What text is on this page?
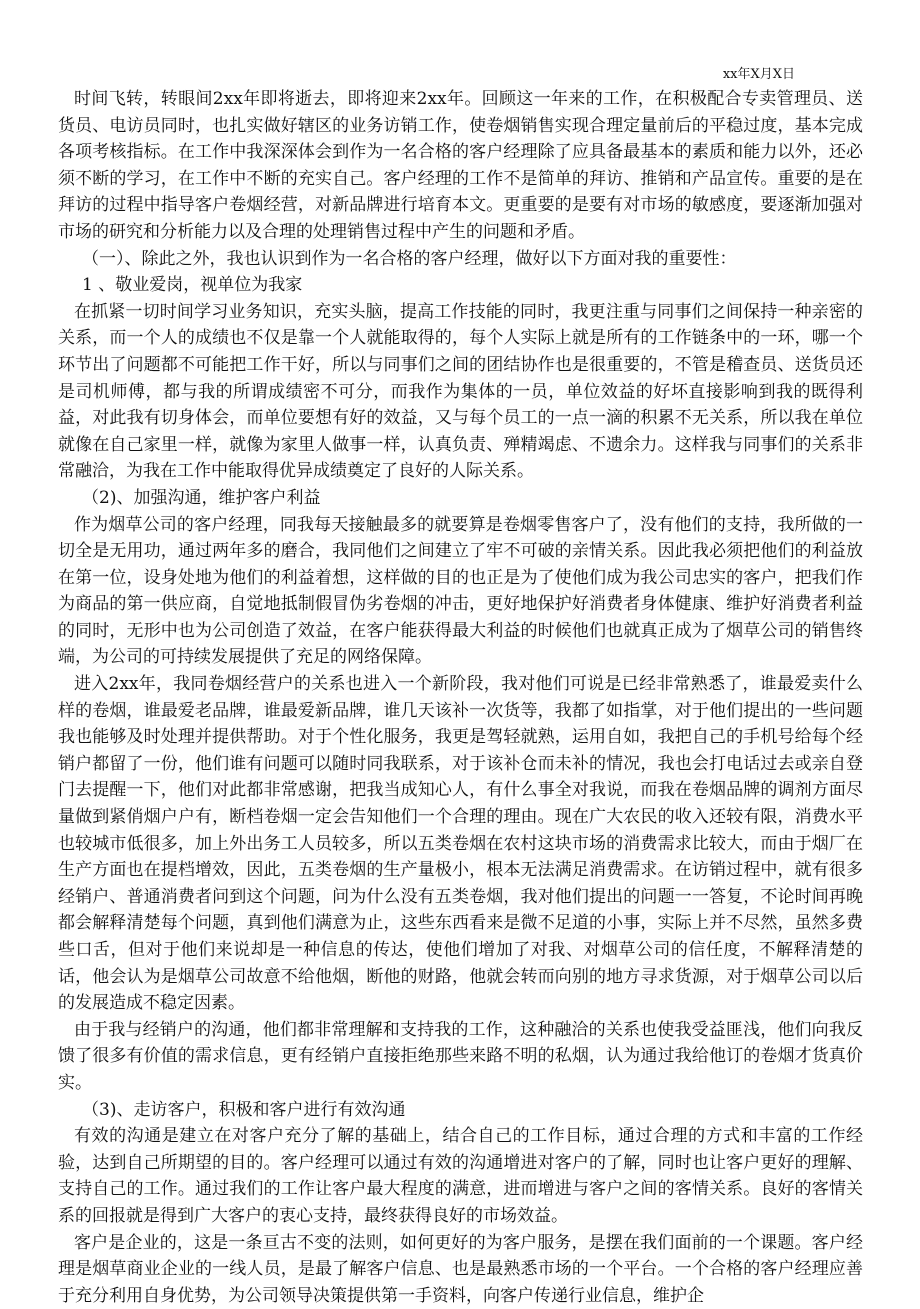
xx年X月X日

时间飞转，转眼间2xx年即将逝去，即将迎来2xx年。回顾这一年来的工作，在积极配合专卖管理员、送货员、电访员同时，也扎实做好辖区的业务访销工作，使卷烟销售实现合理定量前后的平稳过度，基本完成各项考核指标。在工作中我深深体会到作为一名合格的客户经理除了应具备最基本的素质和能力以外，还必须不断的学习，在工作中不断的充实自己。客户经理的工作不是简单的拜访、推销和产品宣传。重要的是在拜访的过程中指导客户卷烟经营，对新品牌进行培育本文。更重要的是要有对市场的敏感度，要逐渐加强对市场的研究和分析能力以及合理的处理销售过程中产生的问题和矛盾。

（一）、除此之外，我也认识到作为一名合格的客户经理，做好以下方面对我的重要性：

1 、敬业爱岗，视单位为我家

在抓紧一切时间学习业务知识，充实头脑，提高工作技能的同时，我更注重与同事们之间保持一种亲密的关系，而一个人的成绩也不仅是靠一个人就能取得的，每个人实际上就是所有的工作链条中的一环，哪一个环节出了问题都不可能把工作干好，所以与同事们之间的团结协作也是很重要的，不管是稽查员、送货员还是司机师傅，都与我的所谓成绩密不可分，而我作为集体的一员，单位效益的好坏直接影响到我的既得利益，对此我有切身体会，而单位要想有好的效益，又与每个员工的一点一滴的积累不无关系，所以我在单位就像在自己家里一样，就像为家里人做事一样，认真负责、殚精竭虑、不遗余力。这样我与同事们的关系非常融洽，为我在工作中能取得优异成绩奠定了良好的人际关系。

（2)、加强沟通，维护客户利益

作为烟草公司的客户经理，同我每天接触最多的就要算是卷烟零售客户了，没有他们的支持，我所做的一切全是无用功，通过两年多的磨合，我同他们之间建立了牢不可破的亲情关系。因此我必须把他们的利益放在第一位，设身处地为他们的利益着想，这样做的目的也正是为了使他们成为我公司忠实的客户，把我们作为商品的第一供应商，自觉地抵制假冒伪劣卷烟的冲击，更好地保护好消费者身体健康、维护好消费者利益的同时，无形中也为公司创造了效益，在客户能获得最大利益的时候他们也就真正成为了烟草公司的销售终端，为公司的可持续发展提供了充足的网络保障。

进入2xx年，我同卷烟经营户的关系也进入一个新阶段，我对他们可说是已经非常熟悉了，谁最爱卖什么样的卷烟，谁最爱老品牌，谁最爱新品牌，谁几天该补一次货等，我都了如指掌，对于他们提出的一些问题我也能够及时处理并提供帮助。对于个性化服务，我更是驾轻就熟，运用自如，我把自己的手机号给每个经销户都留了一份，他们谁有问题可以随时同我联系，对于该补仓而未补的情况，我也会打电话过去或亲自登门去提醒一下，他们对此都非常感谢，把我当成知心人，有什么事全对我说，而我在卷烟品牌的调剂方面尽量做到紧俏烟户户有，断档卷烟一定会告知他们一个合理的理由。现在广大农民的收入还较有限，消费水平也较城市低很多，加上外出务工人员较多，所以五类卷烟在农村这块市场的消费需求比较大，而由于烟厂在生产方面也在提档增效，因此，五类卷烟的生产量极小，根本无法满足消费需求。在访销过程中，就有很多经销户、普通消费者问到这个问题，问为什么没有五类卷烟，我对他们提出的问题一一答复，不论时间再晚都会解释清楚每个问题，真到他们满意为止，这些东西看来是微不足道的小事，实际上并不尽然，虽然多费些口舌，但对于他们来说却是一种信息的传达，使他们增加了对我、对烟草公司的信任度，不解释清楚的话，他会认为是烟草公司故意不给他烟，断他的财路，他就会转而向别的地方寻求货源，对于烟草公司以后的发展造成不稳定因素。

由于我与经销户的沟通，他们都非常理解和支持我的工作，这种融洽的关系也使我受益匪浅，他们向我反馈了很多有价值的需求信息，更有经销户直接拒绝那些来路不明的私烟，认为通过我给他订的卷烟才货真价实。

（3)、走访客户，积极和客户进行有效沟通

有效的沟通是建立在对客户充分了解的基础上，结合自己的工作目标，通过合理的方式和丰富的工作经验，达到自己所期望的目的。客户经理可以通过有效的沟通增进对客户的了解，同时也让客户更好的理解、支持自己的工作。通过我们的工作让客户最大程度的满意，进而增进与客户之间的客情关系。良好的客情关系的回报就是得到广大客户的衷心支持，最终获得良好的市场效益。

客户是企业的，这是一条亘古不变的法则，如何更好的为客户服务，是摆在我们面前的一个课题。客户经理是烟草商业企业的一线人员，是最了解客户信息、也是最熟悉市场的一个平台。一个合格的客户经理应善于充分利用自身优势，为公司领导决策提供第一手资料，向客户传递行业信息，维护企
